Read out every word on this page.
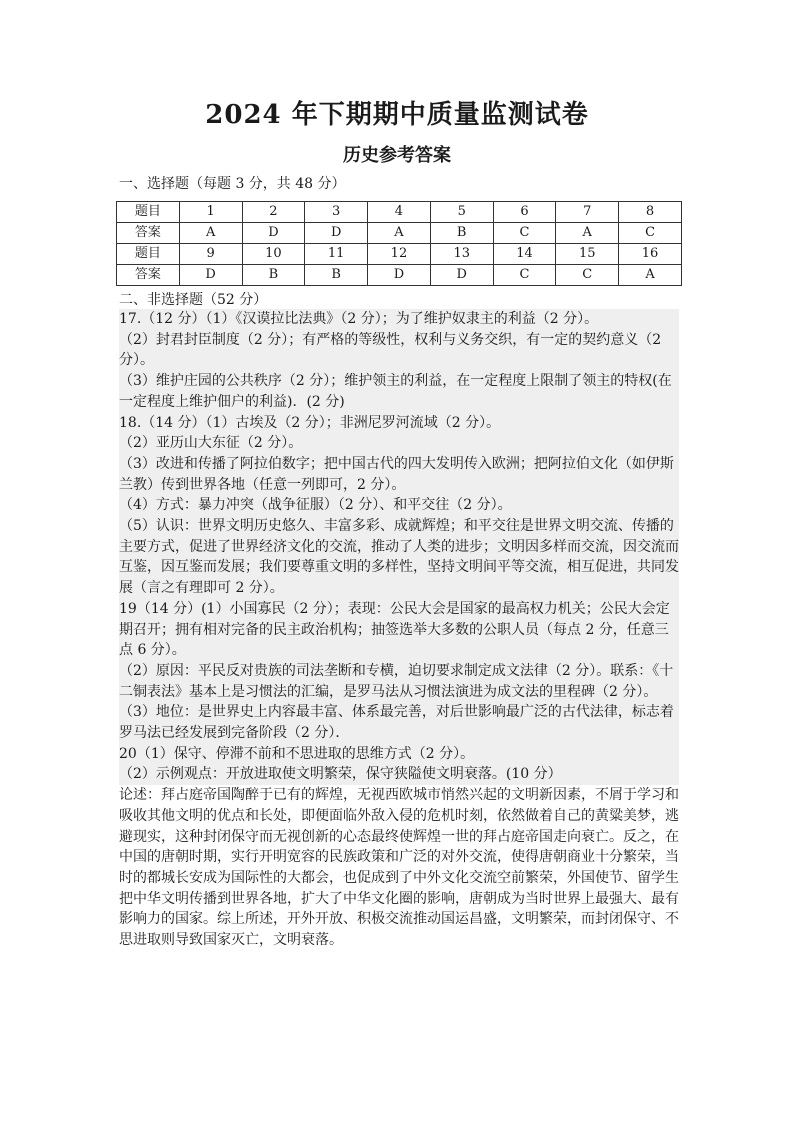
2024 年下期期中质量监测试卷
历史参考答案

一、选择题（每题 3 分，共 48 分）

题目	1	2	3	4	5	6	7	8
答案	A	D	D	A	B	C	A	C
题目	9	10	11	12	13	14	15	16
答案	D	B	B	D	D	C	C	A

二、非选择题（52 分）

17.（12 分）（1）《汉谟拉比法典》（2 分）；为了维护奴隶主的利益（2 分）。

（2）封君封臣制度（2 分）；有严格的等级性，权利与义务交织，有一定的契约意义（2 分）。

（3）维护庄园的公共秩序（2 分）；维护领主的利益，在一定程度上限制了领主的特权(在一定程度上维护佃户的利益)．(2 分)

18.（14 分）（1）古埃及（2 分）；非洲尼罗河流域（2 分）。

（2）亚历山大东征（2 分）。

（3）改进和传播了阿拉伯数字；把中国古代的四大发明传入欧洲；把阿拉伯文化（如伊斯兰教）传到世界各地（任意一列即可，2 分）。

（4）方式：暴力冲突（战争征服）（2 分）、和平交往（2 分）。

（5）认识：世界文明历史悠久、丰富多彩、成就辉煌；和平交往是世界文明交流、传播的主要方式，促进了世界经济文化的交流，推动了人类的进步；文明因多样而交流，因交流而互鉴，因互鉴而发展；我们要尊重文明的多样性，坚持文明间平等交流，相互促进，共同发展（言之有理即可 2 分）。

19（14 分）(1）小国寡民（2 分）；表现：公民大会是国家的最高权力机关；公民大会定期召开；拥有相对完备的民主政治机构；抽签选举大多数的公职人员（每点 2 分，任意三点 6 分）。

（2）原因：平民反对贵族的司法垄断和专横，迫切要求制定成文法律（2 分）。联系：《十二铜表法》基本上是习惯法的汇编，是罗马法从习惯法演进为成文法的里程碑（2 分）。

（3）地位：是世界史上内容最丰富、体系最完善，对后世影响最广泛的古代法律，标志着罗马法已经发展到完备阶段（2 分）．

20（1）保守、停滞不前和不思进取的思维方式（2 分）。

（2）示例观点：开放进取使文明繁荣，保守狭隘使文明衰落。(10 分）

论述：拜占庭帝国陶醉于已有的辉煌，无视西欧城市悄然兴起的文明新因素，不屑于学习和吸收其他文明的优点和长处，即便面临外敌入侵的危机时刻，依然做着自己的黄粱美梦，逃避现实，这种封闭保守而无视创新的心态最终使辉煌一世的拜占庭帝国走向衰亡。反之，在中国的唐朝时期，实行开明宽容的民族政策和广泛的对外交流，使得唐朝商业十分繁荣，当时的都城长安成为国际性的大都会，也促成到了中外文化交流空前繁荣，外国使节、留学生把中华文明传播到世界各地，扩大了中华文化圈的影响，唐朝成为当时世界上最强大、最有影响力的国家。综上所述，开外开放、积极交流推动国运昌盛，文明繁荣，而封闭保守、不思进取则导致国家灭亡，文明衰落。
